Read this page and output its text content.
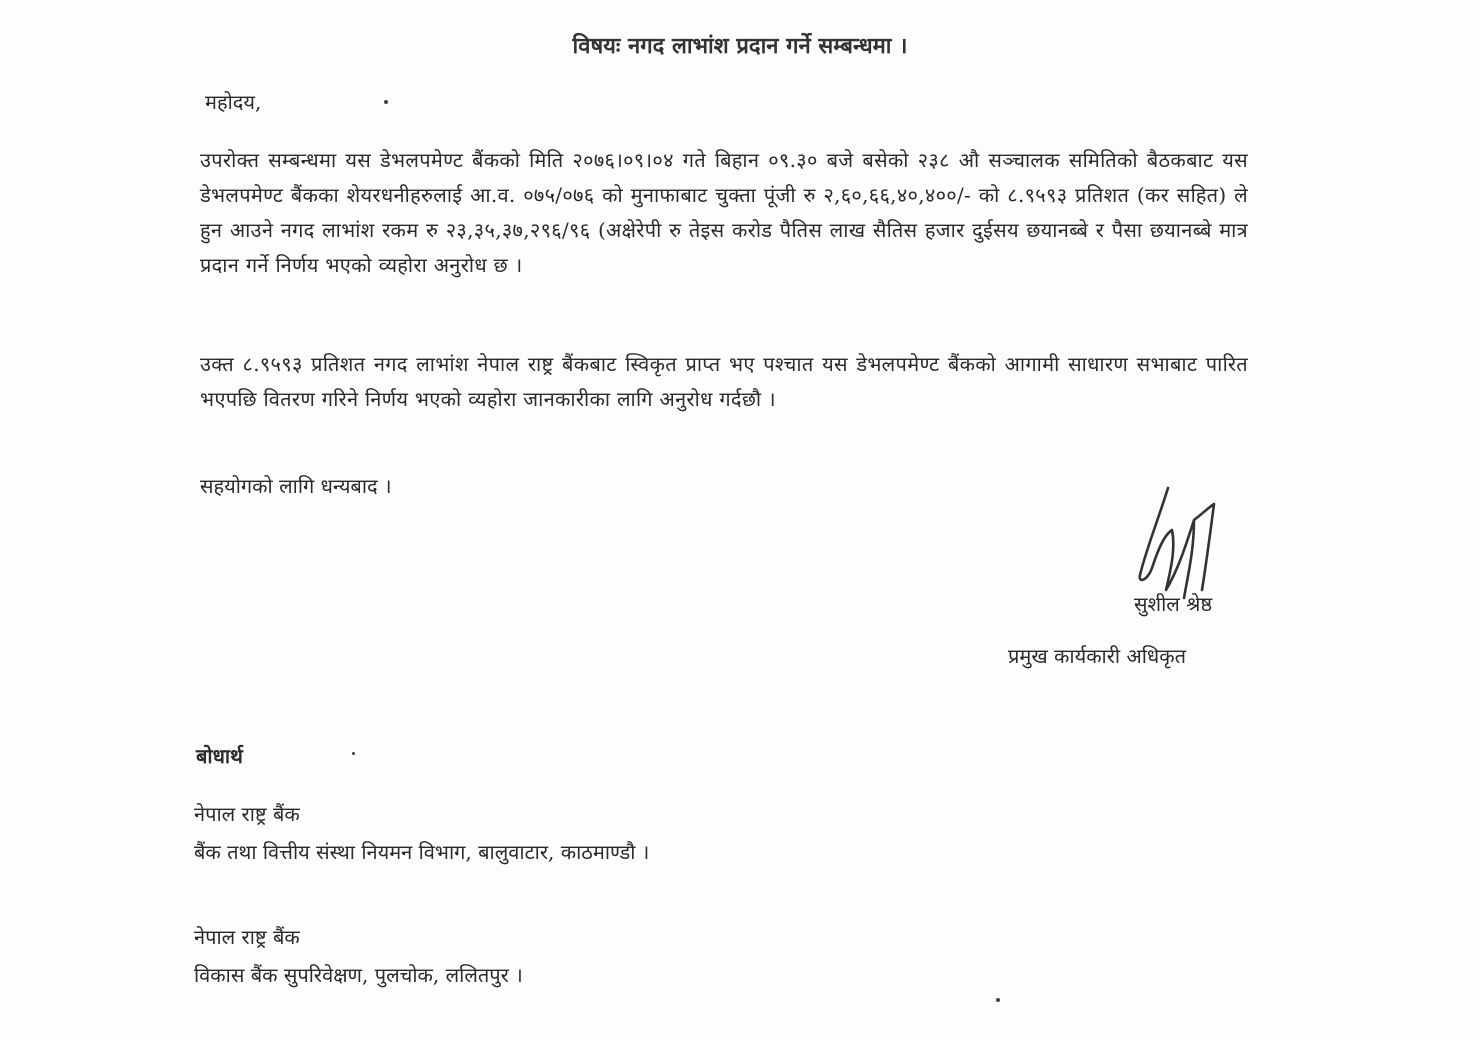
विषयः नगद लाभांश प्रदान गर्ने सम्बन्धमा ।
महोदय,
उपरोक्त सम्बन्धमा यस डेभलपमेण्ट बैंकको मिति २०७६।०९।०४ गते बिहान ०९.३० बजे बसेको २३८ औ सञ्चालक समितिको बैठकबाट यस डेभलपमेण्ट बैंकका शेयरधनीहरुलाई आ.व. ०७५/०७६ को मुनाफाबाट चुक्ता पूंजी रु २,६०,६६,४०,४००/- को ८.९५९३ प्रतिशत (कर सहित) ले हुन आउने नगद लाभांश रकम रु २३,३५,३७,२९६/९६ (अक्षेरेपी रु तेइस करोड पैतिस लाख सैतिस हजार दुईसय छयानब्बे र पैसा छयानब्बे मात्र प्रदान गर्ने निर्णय भएको व्यहोरा अनुरोध छ ।
उक्त ८.९५९३ प्रतिशत नगद लाभांश नेपाल राष्ट्र बैंकबाट स्विकृत प्राप्त भए पश्चात यस डेभलपमेण्ट बैंकको आगामी साधारण सभाबाट पारित भएपछि वितरण गरिने निर्णय भएको व्यहोरा जानकारीका लागि अनुरोध गर्दछौ ।
सहयोगको लागि धन्यबाद ।
सुशील श्रेष्ठ
प्रमुख कार्यकारी अधिकृत
बोधार्थ
नेपाल राष्ट्र बैंक
बैंक तथा वित्तीय संस्था नियमन विभाग, बालुवाटार, काठमाण्डौ ।
नेपाल राष्ट्र बैंक
विकास बैंक सुपरिवेक्षण, पुलचोक, ललितपुर ।
